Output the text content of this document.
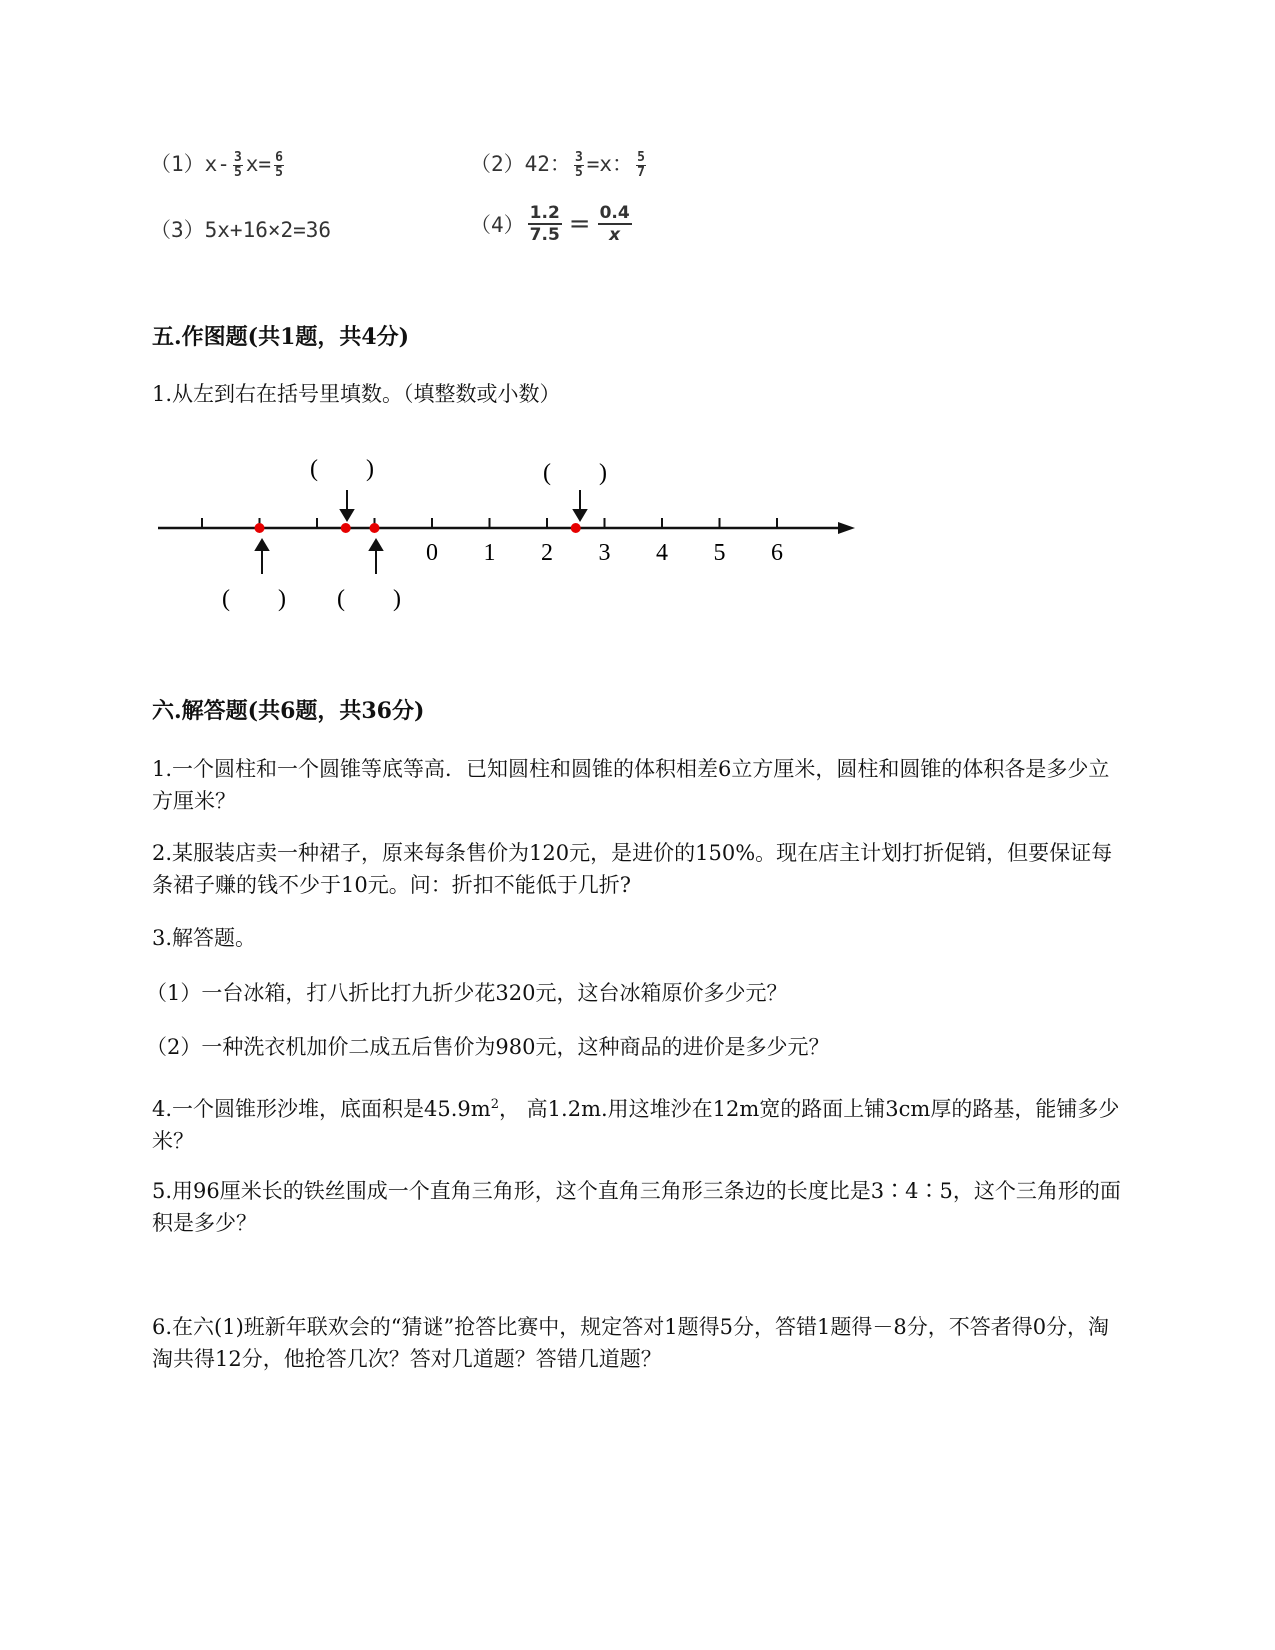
$(1)x- \frac{3}{5} x= \frac{6}{5}$	（2）42： $\frac{3}{5} =x$： $\frac{5}{7}$
（3）5x+16×2=36	$(4) \frac{1.2}{7.5} = \frac{0.4}{x}$
五.作图题(共1题，共4分)
1.从左到右在括号里填数。（填整数或小数）
0 1 2 3 4 5 6
(　　)	(　　)
(　　) (　　)
六.解答题(共6题，共36分)
1.一个圆柱和一个圆锥等底等高．已知圆柱和圆锥的体积相差6立方厘米，圆柱和圆锥的体积各是多少立方厘米？
2.某服装店卖一种裙子，原来每条售价为120元，是进价的150%。现在店主计划打折促销，但要保证每条裙子赚的钱不少于10元。问：折扣不能低于几折?
3.解答题。
（1）一台冰箱，打八折比打九折少花320元，这台冰箱原价多少元？
（2）一种洗衣机加价二成五后售价为980元，这种商品的进价是多少元？
4.一个圆锥形沙堆，底面积是$45.9m^2$， 高1.2m.用这堆沙在12m宽的路面上铺3cm厚的路基，能铺多少米？
5.用96厘米长的铁丝围成一个直角三角形，这个直角三角形三条边的长度比是3∶4∶5，这个三角形的面积是多少？
6.在六(1)班新年联欢会的“猜谜”抢答比赛中，规定答对1题得5分，答错1题得－8分，不答者得0分，淘淘共得12分，他抢答几次？答对几道题？答错几道题？
